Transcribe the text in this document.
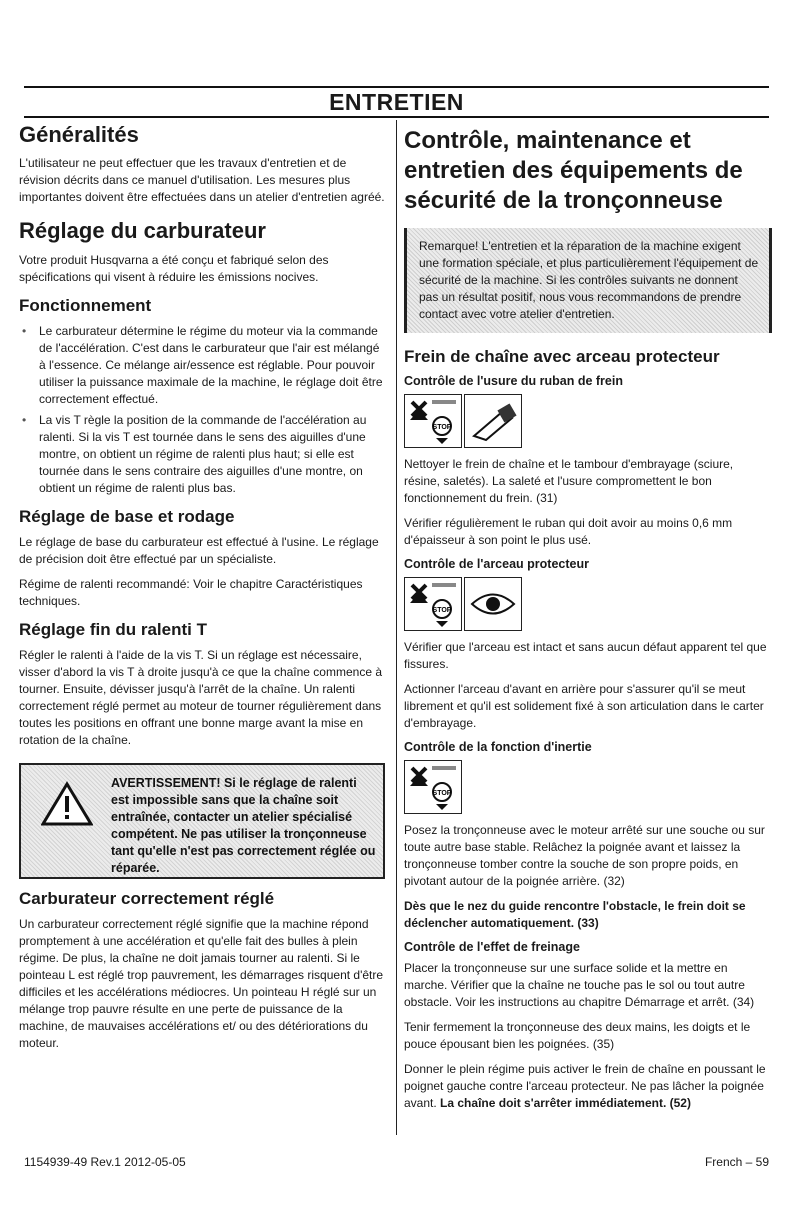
ENTRETIEN
Généralités

L'utilisateur ne peut effectuer que les travaux d'entretien et de révision décrits dans ce manuel d'utilisation. Les mesures plus importantes doivent être effectuées dans un atelier d'entretien agréé.

Réglage du carburateur

Votre produit Husqvarna a été conçu et fabriqué selon des spécifications qui visent à réduire les émissions nocives.

Fonctionnement
• Le carburateur détermine le régime du moteur via la commande de l'accélération. C'est dans le carburateur que l'air est mélangé à l'essence. Ce mélange air/essence est réglable. Pour pouvoir utiliser la puissance maximale de la machine, le réglage doit être correctement effectué.
• La vis T règle la position de la commande de l'accélération au ralenti. Si la vis T est tournée dans le sens des aiguilles d'une montre, on obtient un régime de ralenti plus haut; si elle est tournée dans le sens contraire des aiguilles d'une montre, on obtient un régime de ralenti plus bas.
Réglage de base et rodage

Le réglage de base du carburateur est effectué à l'usine. Le réglage de précision doit être effectué par un spécialiste.

Régime de ralenti recommandé: Voir le chapitre Caractéristiques techniques.

Réglage fin du ralenti T

Régler le ralenti à l'aide de la vis T. Si un réglage est nécessaire, visser d'abord la vis T à droite jusqu'à ce que la chaîne commence à tourner. Ensuite, dévisser jusqu'à l'arrêt de la chaîne. Un ralenti correctement réglé permet au moteur de tourner régulièrement dans toutes les positions en offrant une bonne marge avant la mise en rotation de la chaîne.

AVERTISSEMENT! Si le réglage de ralenti est impossible sans que la chaîne soit entraînée, contacter un atelier spécialisé compétent. Ne pas utiliser la tronçonneuse tant qu'elle n'est pas correctement réglée ou réparée.
Carburateur correctement réglé

Un carburateur correctement réglé signifie que la machine répond promptement à une accélération et qu'elle fait des bulles à plein régime. De plus, la chaîne ne doit jamais tourner au ralenti. Si le pointeau L est réglé trop pauvrement, les démarrages risquent d'être difficiles et les accélérations médiocres. Un pointeau H réglé sur un mélange trop pauvre résulte en une perte de puissance de la machine, de mauvaises accélérations et/ ou des détériorations du moteur.

Contrôle, maintenance et entretien des équipements de sécurité de la tronçonneuse
Remarque! L'entretien et la réparation de la machine exigent une formation spéciale, et plus particulièrement l'équipement de sécurité de la machine. Si les contrôles suivants ne donnent pas un résultat positif, nous vous recommandons de prendre contact avec votre atelier d'entretien.
Frein de chaîne avec arceau protecteur
Contrôle de l'usure du ruban de frein
STOP

Nettoyer le frein de chaîne et le tambour d'embrayage (sciure, résine, saletés). La saleté et l'usure compromettent le bon fonctionnement du frein. (31)

Vérifier régulièrement le ruban qui doit avoir au moins 0,6 mm d'épaisseur à son point le plus usé.

Contrôle de l'arceau protecteur
STOP

Vérifier que l'arceau est intact et sans aucun défaut apparent tel que fissures.

Actionner l'arceau d'avant en arrière pour s'assurer qu'il se meut librement et qu'il est solidement fixé à son articulation dans le carter d'embrayage.

Contrôle de la fonction d'inertie
STOP

Posez la tronçonneuse avec le moteur arrêté sur une souche ou sur toute autre base stable. Relâchez la poignée avant et laissez la tronçonneuse tomber contre la souche de son propre poids, en pivotant autour de la poignée arrière. (32)

Dès que le nez du guide rencontre l'obstacle, le frein doit se déclencher automatiquement. (33)

Contrôle de l'effet de freinage

Placer la tronçonneuse sur une surface solide et la mettre en marche. Vérifier que la chaîne ne touche pas le sol ou tout autre obstacle. Voir les instructions au chapitre Démarrage et arrêt. (34)

Tenir fermement la tronçonneuse des deux mains, les doigts et le pouce épousant bien les poignées. (35)

Donner le plein régime puis activer le frein de chaîne en poussant le poignet gauche contre l'arceau protecteur. Ne pas lâcher la poignée avant. La chaîne doit s'arrêter immédiatement. (52)

1154939-49 Rev.1 2012-05-05	French – 59
